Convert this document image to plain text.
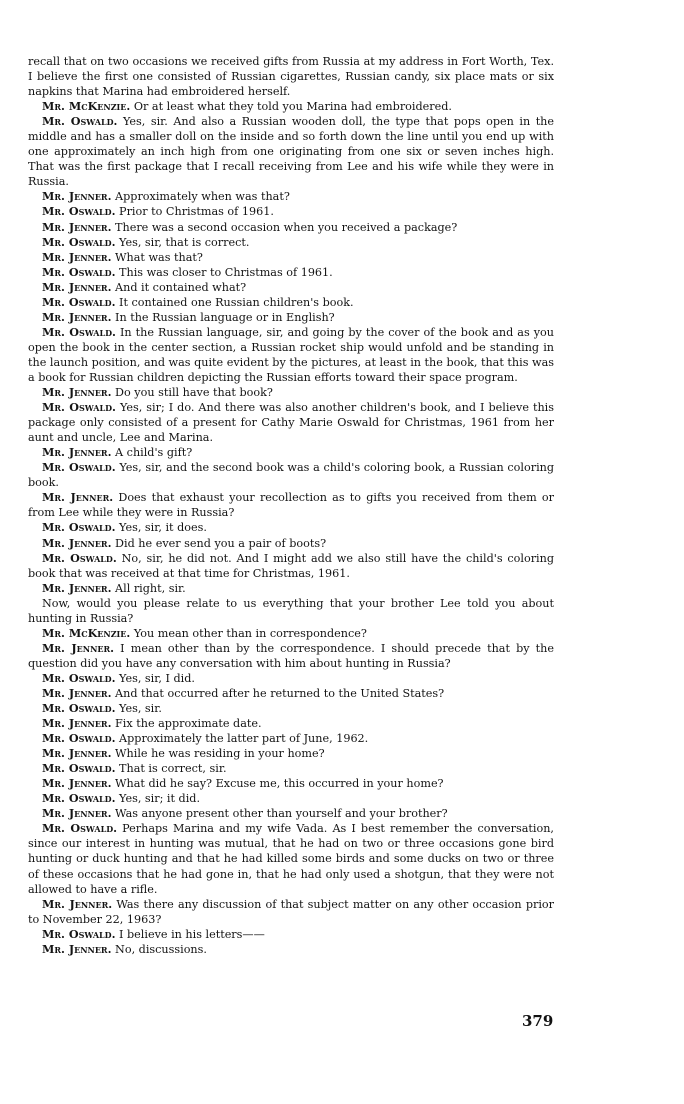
recall that on two occasions we received gifts from Russia at my address in Fort Worth, Tex. I believe the first one consisted of Russian cigarettes, Russian candy, six place mats or six napkins that Marina had embroidered herself.

Mr. McKenzie. Or at least what they told you Marina had embroidered.

Mr. Oswald. Yes, sir. And also a Russian wooden doll, the type that pops open in the middle and has a smaller doll on the inside and so forth down the line until you end up with one approximately an inch high from one originating from one six or seven inches high. That was the first package that I recall receiving from Lee and his wife while they were in Russia.

Mr. Jenner. Approximately when was that?

Mr. Oswald. Prior to Christmas of 1961.

Mr. Jenner. There was a second occasion when you received a package?

Mr. Oswald. Yes, sir, that is correct.

Mr. Jenner. What was that?

Mr. Oswald. This was closer to Christmas of 1961.

Mr. Jenner. And it contained what?

Mr. Oswald. It contained one Russian children's book.

Mr. Jenner. In the Russian language or in English?

Mr. Oswald. In the Russian language, sir, and going by the cover of the book and as you open the book in the center section, a Russian rocket ship would unfold and be standing in the launch position, and was quite evident by the pictures, at least in the book, that this was a book for Russian children depicting the Russian efforts toward their space program.

Mr. Jenner. Do you still have that book?

Mr. Oswald. Yes, sir; I do. And there was also another children's book, and I believe this package only consisted of a present for Cathy Marie Oswald for Christmas, 1961 from her aunt and uncle, Lee and Marina.

Mr. Jenner. A child's gift?

Mr. Oswald. Yes, sir, and the second book was a child's coloring book, a Russian coloring book.

Mr. Jenner. Does that exhaust your recollection as to gifts you received from them or from Lee while they were in Russia?

Mr. Oswald. Yes, sir, it does.

Mr. Jenner. Did he ever send you a pair of boots?

Mr. Oswald. No, sir, he did not. And I might add we also still have the child's coloring book that was received at that time for Christmas, 1961.

Mr. Jenner. All right, sir.

Now, would you please relate to us everything that your brother Lee told you about hunting in Russia?

Mr. McKenzie. You mean other than in correspondence?

Mr. Jenner. I mean other than by the correspondence. I should precede that by the question did you have any conversation with him about hunting in Russia?

Mr. Oswald. Yes, sir, I did.

Mr. Jenner. And that occurred after he returned to the United States?

Mr. Oswald. Yes, sir.

Mr. Jenner. Fix the approximate date.

Mr. Oswald. Approximately the latter part of June, 1962.

Mr. Jenner. While he was residing in your home?

Mr. Oswald. That is correct, sir.

Mr. Jenner. What did he say? Excuse me, this occurred in your home?

Mr. Oswald. Yes, sir; it did.

Mr. Jenner. Was anyone present other than yourself and your brother?

Mr. Oswald. Perhaps Marina and my wife Vada. As I best remember the conversation, since our interest in hunting was mutual, that he had on two or three occasions gone bird hunting or duck hunting and that he had killed some birds and some ducks on two or three of these occasions that he had gone in, that he had only used a shotgun, that they were not allowed to have a rifle.

Mr. Jenner. Was there any discussion of that subject matter on any other occasion prior to November 22, 1963?

Mr. Oswald. I believe in his letters——

Mr. Jenner. No, discussions.

379
